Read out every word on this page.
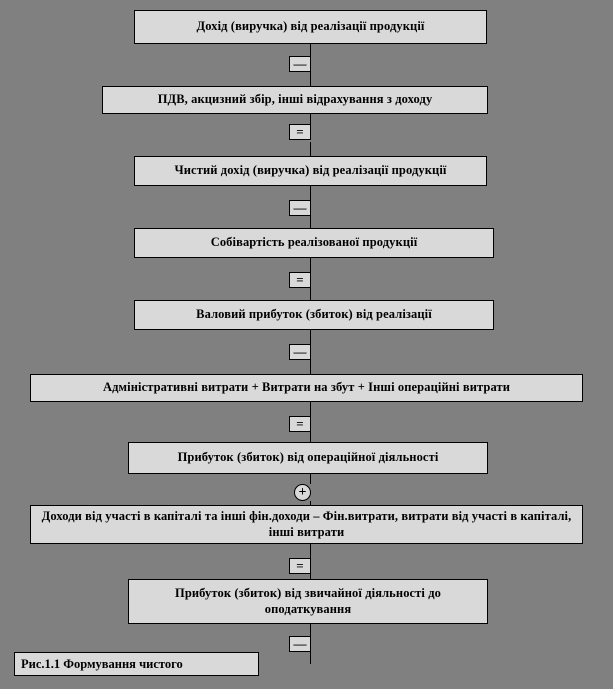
Дохід (виручка) від реалізації продукції
—
ПДВ, акцизний збір, інші відрахування з доходу
=
Чистий дохід (виручка) від реалізації продукції
—
Собівартість реалізованої продукції
=
Валовий прибуток (збиток) від реалізації
—
Адміністративні витрати + Витрати на збут + Інші операційні витрати
=
Прибуток (збиток) від операційної діяльності
+
Доходи від участі в капіталі та інші фін.доходи – Фін.витрати, витрати від участі в капіталі, інші витрати
=
Прибуток (збиток) від звичайної діяльності до оподаткування
—
Рис.1.1 Формування чистого
